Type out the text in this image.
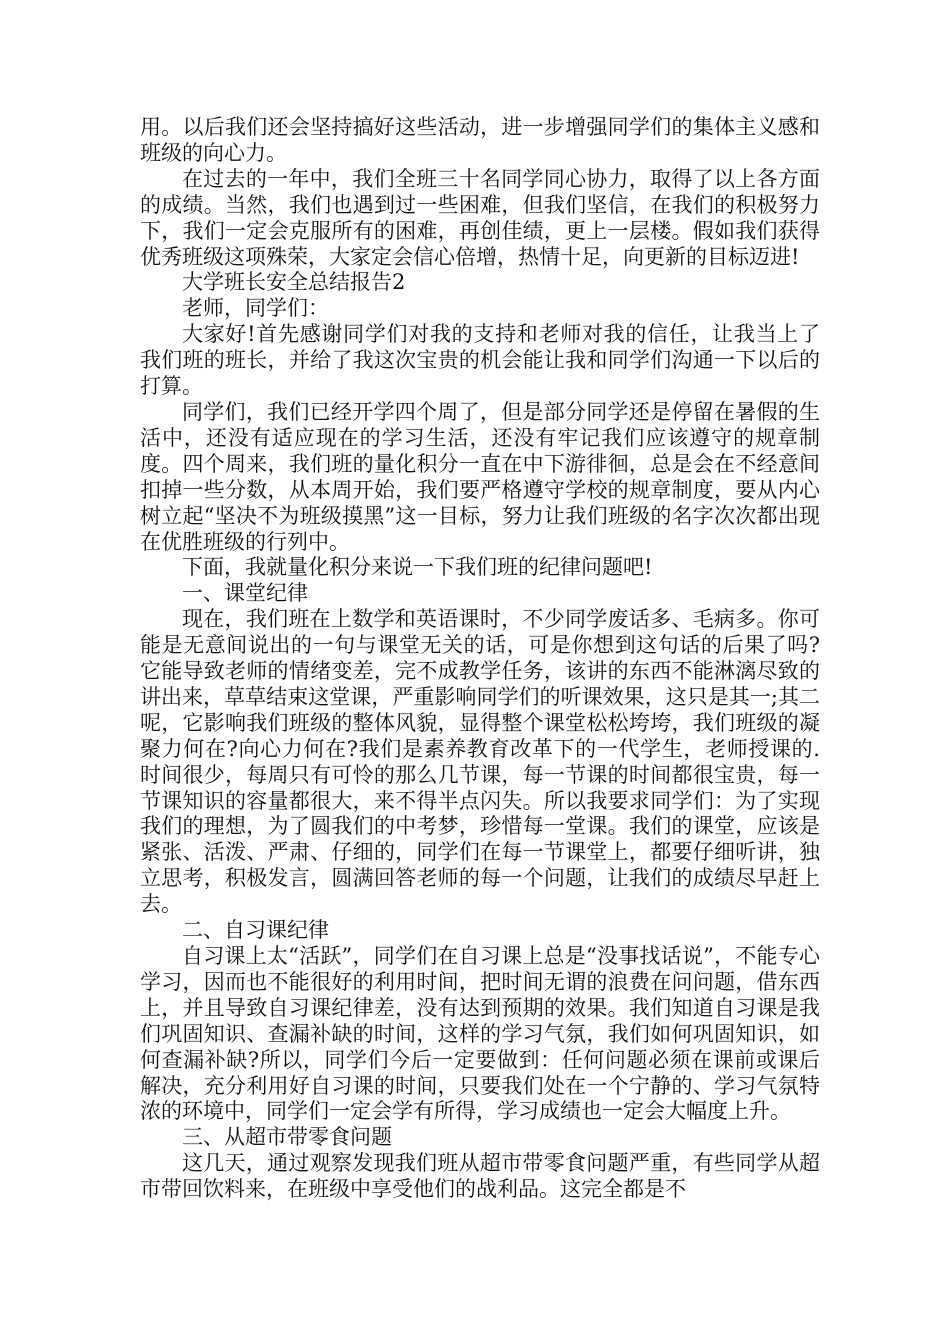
用。以后我们还会坚持搞好这些活动，进一步增强同学们的集体主义感和班级的向心力。

在过去的一年中，我们全班三十名同学同心协力，取得了以上各方面的成绩。当然，我们也遇到过一些困难，但我们坚信，在我们的积极努力下，我们一定会克服所有的困难，再创佳绩，更上一层楼。假如我们获得优秀班级这项殊荣，大家定会信心倍增，热情十足，向更新的目标迈进!

大学班长安全总结报告2

老师，同学们：

大家好!首先感谢同学们对我的支持和老师对我的信任，让我当上了我们班的班长，并给了我这次宝贵的机会能让我和同学们沟通一下以后的打算。

同学们，我们已经开学四个周了，但是部分同学还是停留在暑假的生活中，还没有适应现在的学习生活，还没有牢记我们应该遵守的规章制度。四个周来，我们班的量化积分一直在中下游徘徊，总是会在不经意间扣掉一些分数，从本周开始，我们要严格遵守学校的规章制度，要从内心树立起“坚决不为班级摸黑”这一目标，努力让我们班级的名字次次都出现在优胜班级的行列中。

下面，我就量化积分来说一下我们班的纪律问题吧!

一、课堂纪律

现在，我们班在上数学和英语课时，不少同学废话多、毛病多。你可能是无意间说出的一句与课堂无关的话，可是你想到这句话的后果了吗?它能导致老师的情绪变差，完不成教学任务，该讲的东西不能淋漓尽致的讲出来，草草结束这堂课，严重影响同学们的听课效果，这只是其一;其二呢，它影响我们班级的整体风貌，显得整个课堂松松垮垮，我们班级的凝聚力何在?向心力何在?我们是素养教育改革下的一代学生，老师授课的.时间很少，每周只有可怜的那么几节课，每一节课的时间都很宝贵，每一节课知识的容量都很大，来不得半点闪失。所以我要求同学们：为了实现我们的理想，为了圆我们的中考梦，珍惜每一堂课。我们的课堂，应该是紧张、活泼、严肃、仔细的，同学们在每一节课堂上，都要仔细听讲，独立思考，积极发言，圆满回答老师的每一个问题，让我们的成绩尽早赶上去。

二、自习课纪律

自习课上太“活跃”，同学们在自习课上总是“没事找话说”，不能专心学习，因而也不能很好的利用时间，把时间无谓的浪费在问问题，借东西上，并且导致自习课纪律差，没有达到预期的效果。我们知道自习课是我们巩固知识、查漏补缺的时间，这样的学习气氛，我们如何巩固知识，如何查漏补缺?所以，同学们今后一定要做到：任何问题必须在课前或课后解决，充分利用好自习课的时间，只要我们处在一个宁静的、学习气氛特浓的环境中，同学们一定会学有所得，学习成绩也一定会大幅度上升。

三、从超市带零食问题

这几天，通过观察发现我们班从超市带零食问题严重，有些同学从超市带回饮料来，在班级中享受他们的战利品。这完全都是不
